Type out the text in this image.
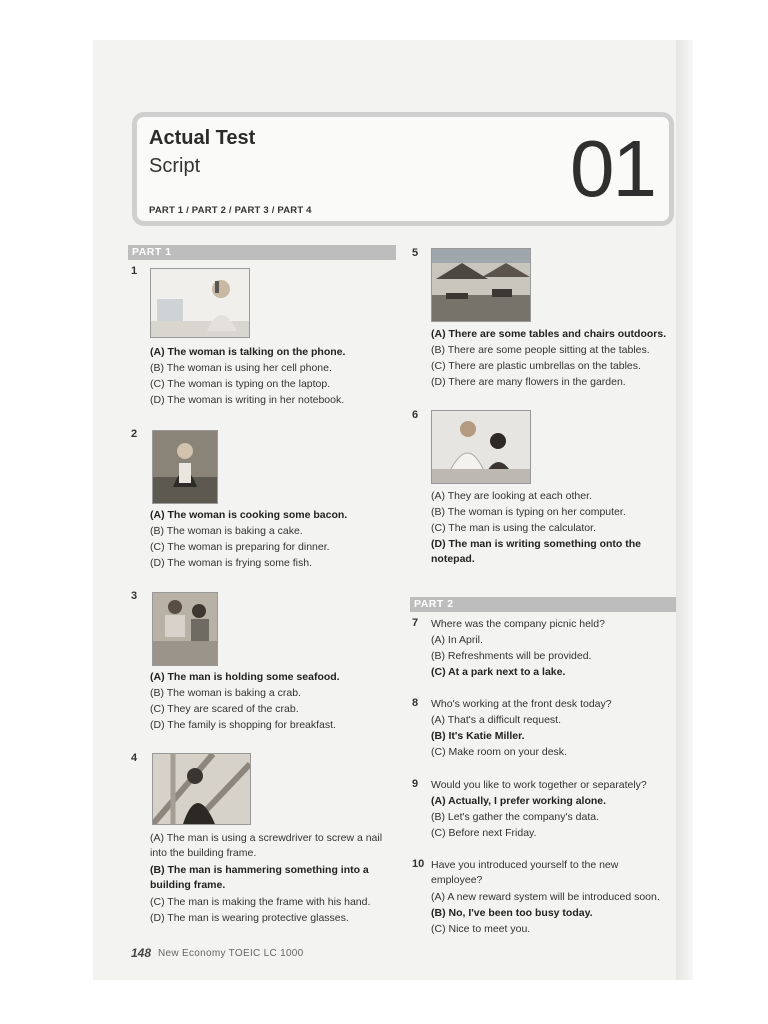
Actual Test
Script
PART 1 / PART 2 / PART 3 / PART 4	01
PART 1
1
(A) The woman is talking on the phone.
(B) The woman is using her cell phone.
(C) The woman is typing on the laptop.
(D) The woman is writing in her notebook.
2
(A) The woman is cooking some bacon.
(B) The woman is baking a cake.
(C) The woman is preparing for dinner.
(D) The woman is frying some fish.
3
(A) The man is holding some seafood.
(B) The woman is baking a crab.
(C) They are scared of the crab.
(D) The family is shopping for breakfast.
4
(A) The man is using a screwdriver to screw a nail into the building frame.
(B) The man is hammering something into a building frame.
(C) The man is making the frame with his hand.
(D) The man is wearing protective glasses.
5
(A) There are some tables and chairs outdoors.
(B) There are some people sitting at the tables.
(C) There are plastic umbrellas on the tables.
(D) There are many flowers in the garden.
6
(A) They are looking at each other.
(B) The woman is typing on her computer.
(C) The man is using the calculator.
(D) The man is writing something onto the notepad.
PART 2
7 Where was the company picnic held?
(A) In April.
(B) Refreshments will be provided.
(C) At a park next to a lake.
8 Who's working at the front desk today?
(A) That's a difficult request.
(B) It's Katie Miller.
(C) Make room on your desk.
9 Would you like to work together or separately?
(A) Actually, I prefer working alone.
(B) Let's gather the company's data.
(C) Before next Friday.
10 Have you introduced yourself to the new employee?
(A) A new reward system will be introduced soon.
(B) No, I've been too busy today.
(C) Nice to meet you.
148 New Economy TOEIC LC 1000
